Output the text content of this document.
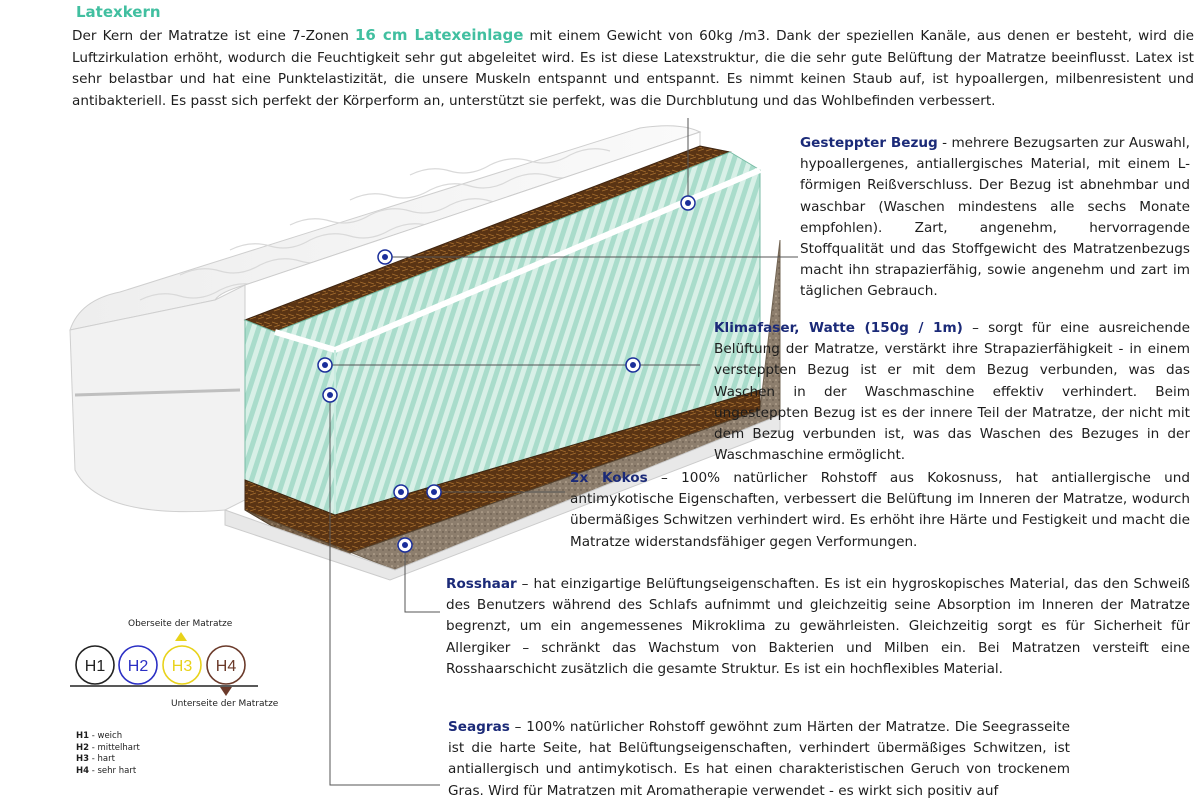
Latexkern
Der Kern der Matratze ist eine 7-Zonen 16 cm Latexeinlage mit einem Gewicht von 60kg /m3. Dank der speziellen Kanäle, aus denen er besteht, wird die Luftzirkulation erhöht, wodurch die Feuchtigkeit sehr gut abgeleitet wird. Es ist diese Latexstruktur, die die sehr gute Belüftung der Matratze beeinflusst. Latex ist sehr belastbar und hat eine Punktelastizität, die unsere Muskeln entspannt und entspannt. Es nimmt keinen Staub auf, ist hypoallergen, milbenresistent und antibakteriell. Es passt sich perfekt der Körperform an, unterstützt sie perfekt, was die Durchblutung und das Wohlbefinden verbessert.
H1 H2 H3 H4
Oberseite der Matratze
Unterseite der Matratze
H1 - weich
H2 - mittelhart
H3 - hart
H4 - sehr hart
Gesteppter Bezug - mehrere Bezugsarten zur Auswahl, hypoallergenes, antiallergisches Material, mit einem L-förmigen Reißverschluss. Der Bezug ist abnehmbar und waschbar (Waschen mindestens alle sechs Monate empfohlen). Zart, angenehm, hervorragende Stoffqualität und das Stoffgewicht des Matratzenbezugs macht ihn strapazierfähig, sowie angenehm und zart im täglichen Gebrauch.
Klimafaser, Watte (150g / 1m) – sorgt für eine ausreichende Belüftung der Matratze, verstärkt ihre Strapazierfähigkeit - in einem versteppten Bezug ist er mit dem Bezug verbunden, was das Waschen in der Waschmaschine effektiv verhindert. Beim ungesteppten Bezug ist es der innere Teil der Matratze, der nicht mit dem Bezug verbunden ist, was das Waschen des Bezuges in der Waschmaschine ermöglicht.
2x Kokos – 100% natürlicher Rohstoff aus Kokosnuss, hat antiallergische und antimykotische Eigenschaften, verbessert die Belüftung im Inneren der Matratze, wodurch übermäßiges Schwitzen verhindert wird. Es erhöht ihre Härte und Festigkeit und macht die Matratze widerstandsfähiger gegen Verformungen.
Rosshaar – hat einzigartige Belüftungseigenschaften. Es ist ein hygroskopisches Material, das den Schweiß des Benutzers während des Schlafs aufnimmt und gleichzeitig seine Absorption im Inneren der Matratze begrenzt, um ein angemessenes Mikroklima zu gewährleisten. Gleichzeitig sorgt es für Sicherheit für Allergiker – schränkt das Wachstum von Bakterien und Milben ein. Bei Matratzen versteift eine Rosshaarschicht zusätzlich die gesamte Struktur. Es ist ein hochflexibles Material.
Seagras – 100% natürlicher Rohstoff gewöhnt zum Härten der Matratze. Die Seegrasseite ist die harte Seite, hat Belüftungseigenschaften, verhindert übermäßiges Schwitzen, ist antiallergisch und antimykotisch. Es hat einen charakteristischen Geruch von trockenem Gras. Wird für Matratzen mit Aromatherapie verwendet - es wirkt sich positiv auf
